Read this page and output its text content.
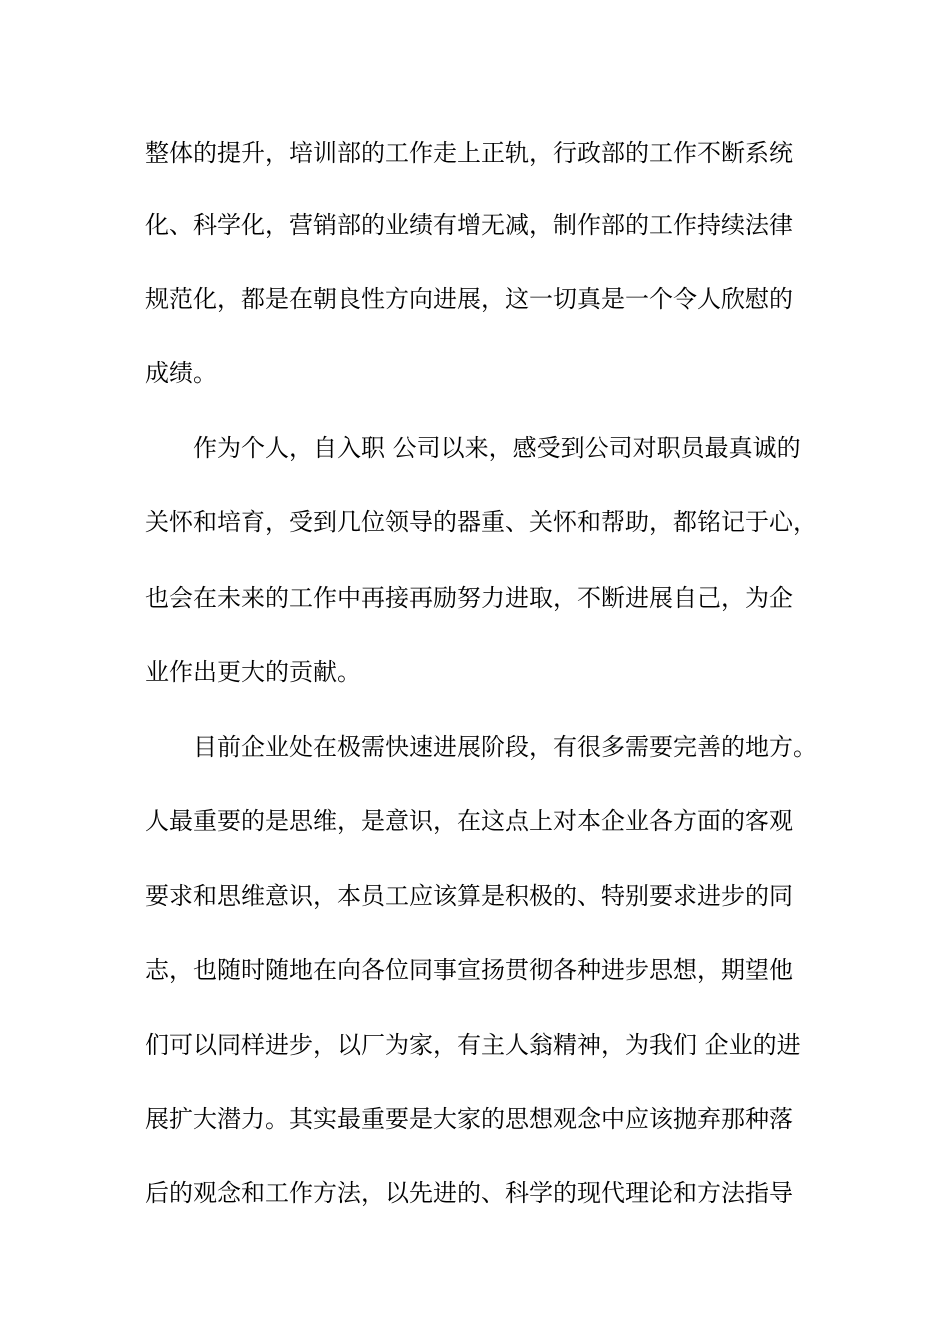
整体的提升，培训部的工作走上正轨，行政部的工作不断系统
化、科学化，营销部的业绩有增无减，制作部的工作持续法律
规范化，都是在朝良性方向进展，这一切真是一个令人欣慰的
成绩。
作为个人，自入职 公司以来，感受到公司对职员最真诚的
关怀和培育，受到几位领导的器重、关怀和帮助，都铭记于心，
也会在未来的工作中再接再励努力进取，不断进展自己，为企
业作出更大的贡献。
目前企业处在极需快速进展阶段，有很多需要完善的地方。
人最重要的是思维，是意识，在这点上对本企业各方面的客观
要求和思维意识，本员工应该算是积极的、特别要求进步的同
志，也随时随地在向各位同事宣扬贯彻各种进步思想，期望他
们可以同样进步，以厂为家，有主人翁精神，为我们 企业的进
展扩大潜力。其实最重要是大家的思想观念中应该抛弃那种落
后的观念和工作方法，以先进的、科学的现代理论和方法指导
